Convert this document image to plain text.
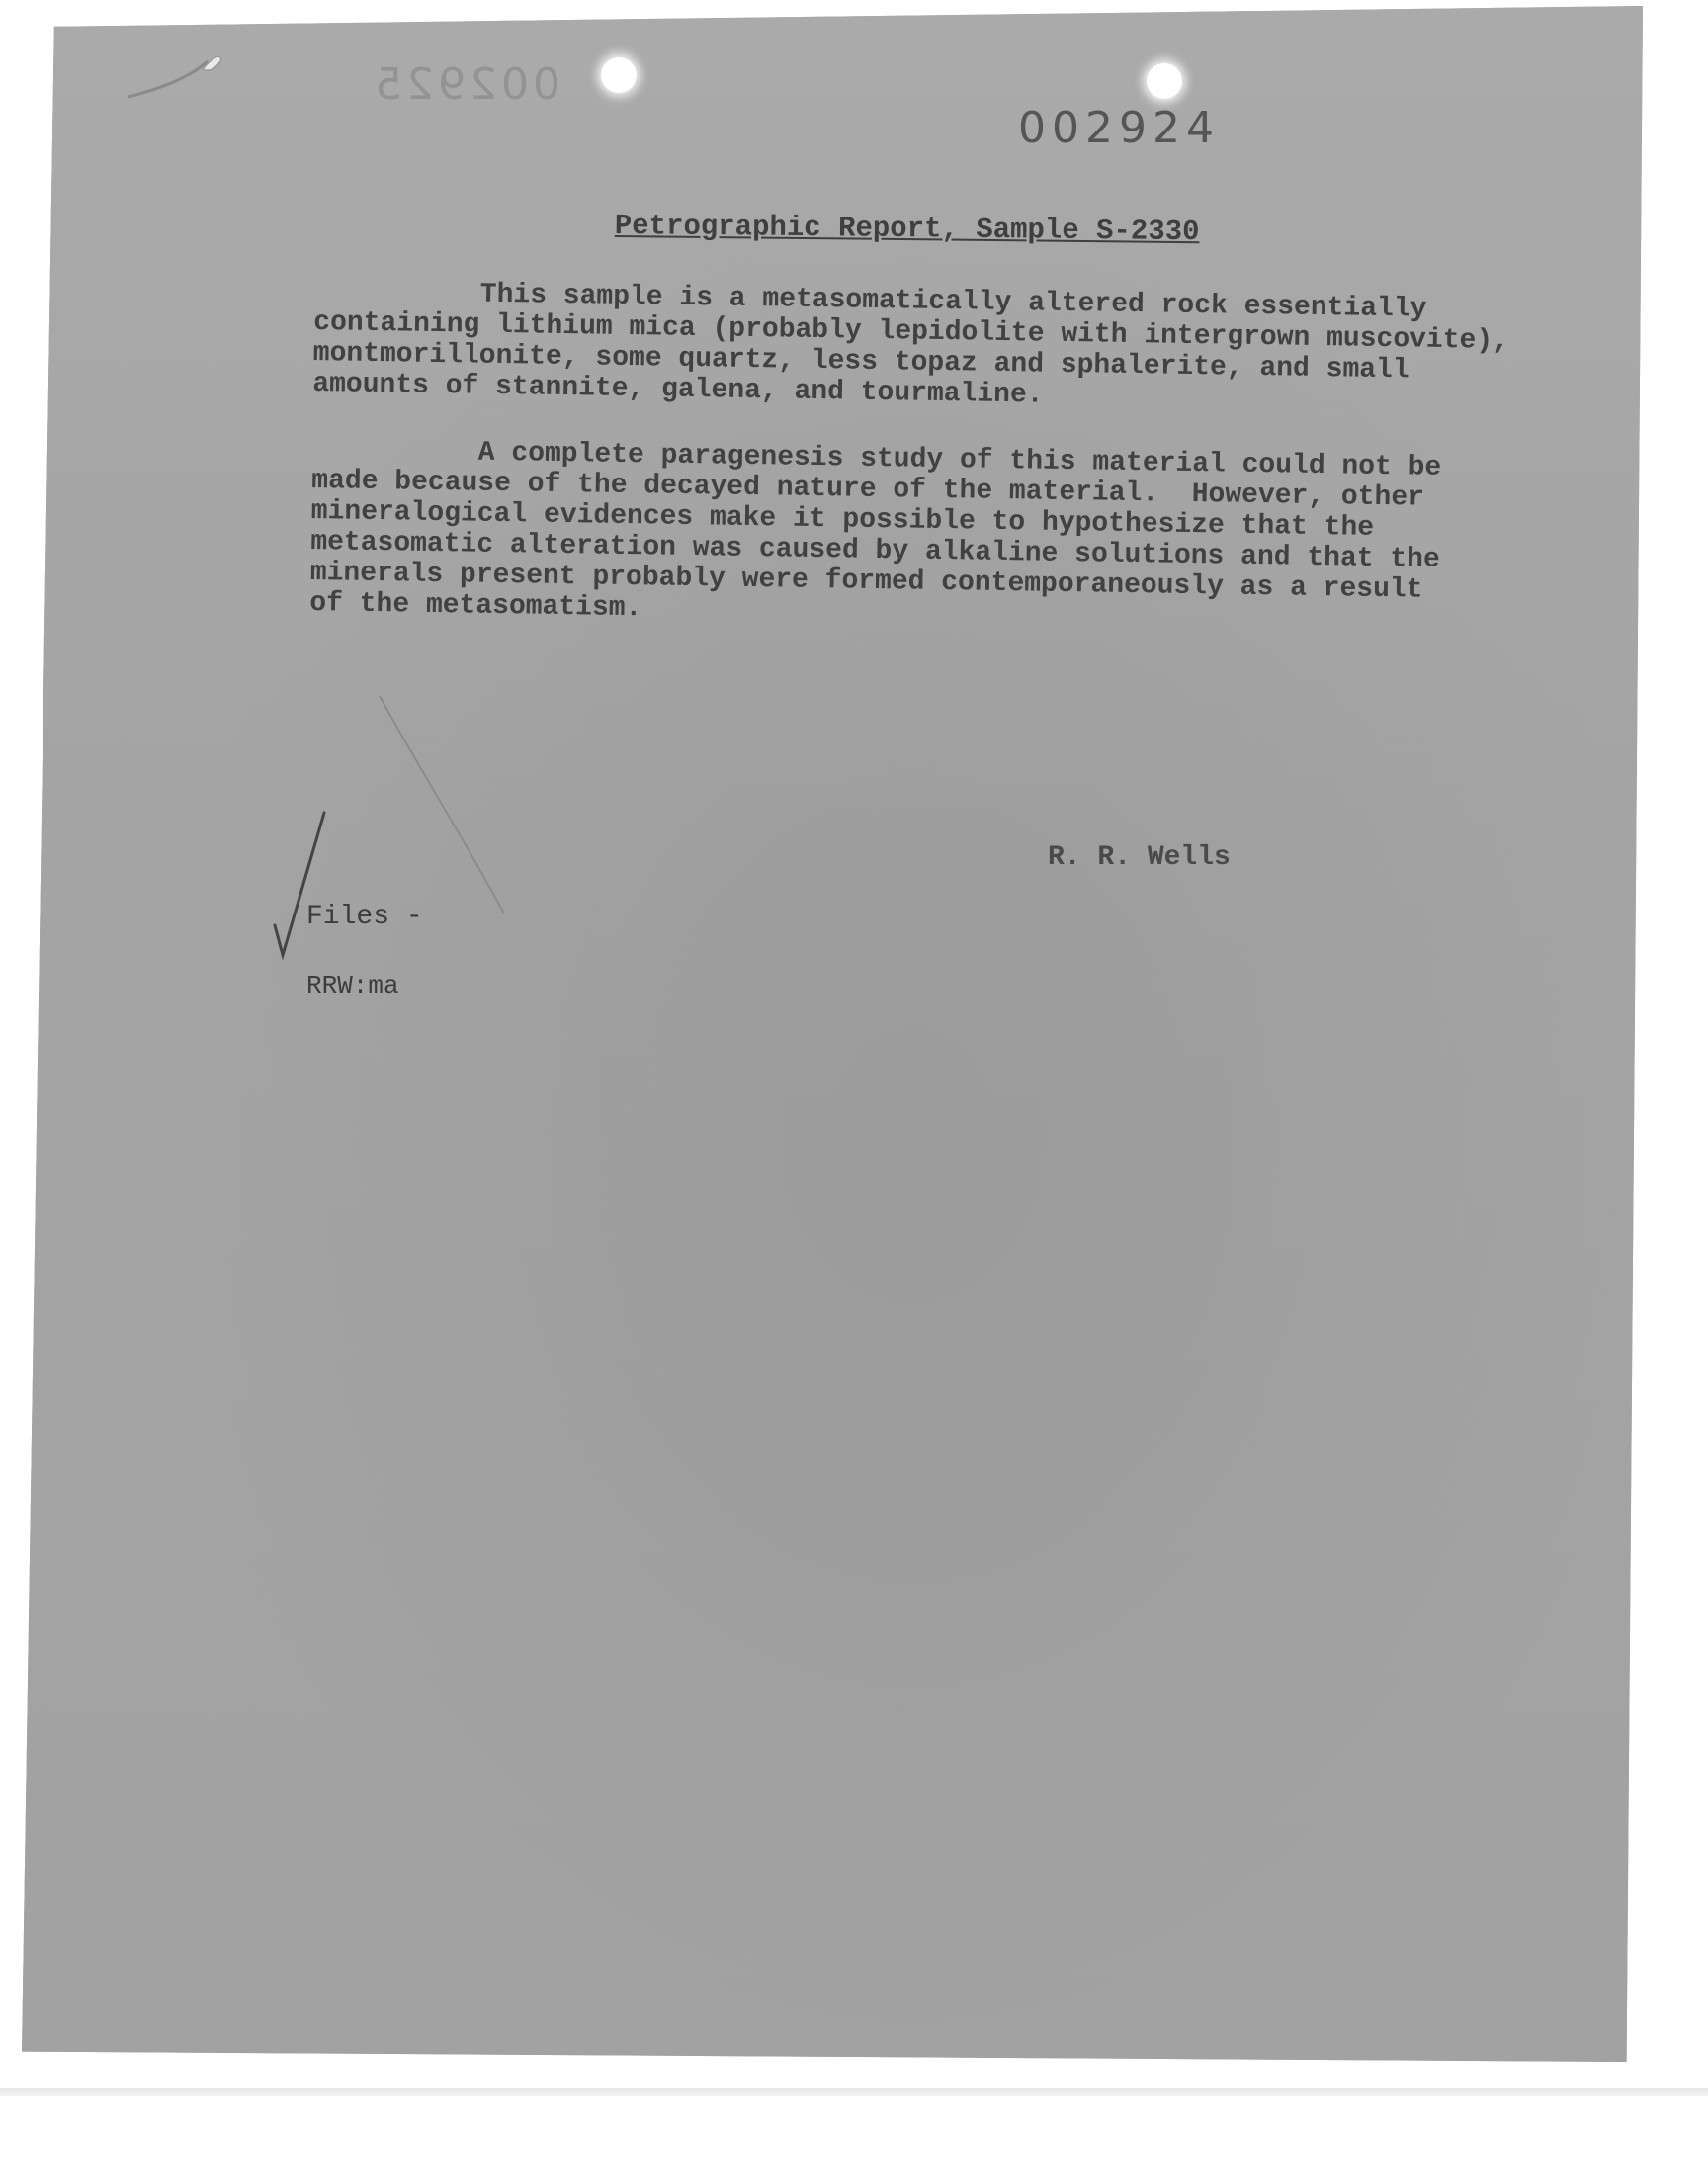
002925
002924
Petrographic Report, Sample S-2330

This sample is a metasomatically altered rock essentially
containing lithium mica (probably lepidolite with intergrown muscovite),
montmorillonite, some quartz, less topaz and sphalerite, and small
amounts of stannite, galena, and tourmaline.

A complete paragenesis study of this material could not be
made because of the decayed nature of the material.  However, other
mineralogical evidences make it possible to hypothesize that the
metasomatic alteration was caused by alkaline solutions and that the
minerals present probably were formed contemporaneously as a result
of the metasomatism.

R. R. Wells
Files -
RRW:ma
